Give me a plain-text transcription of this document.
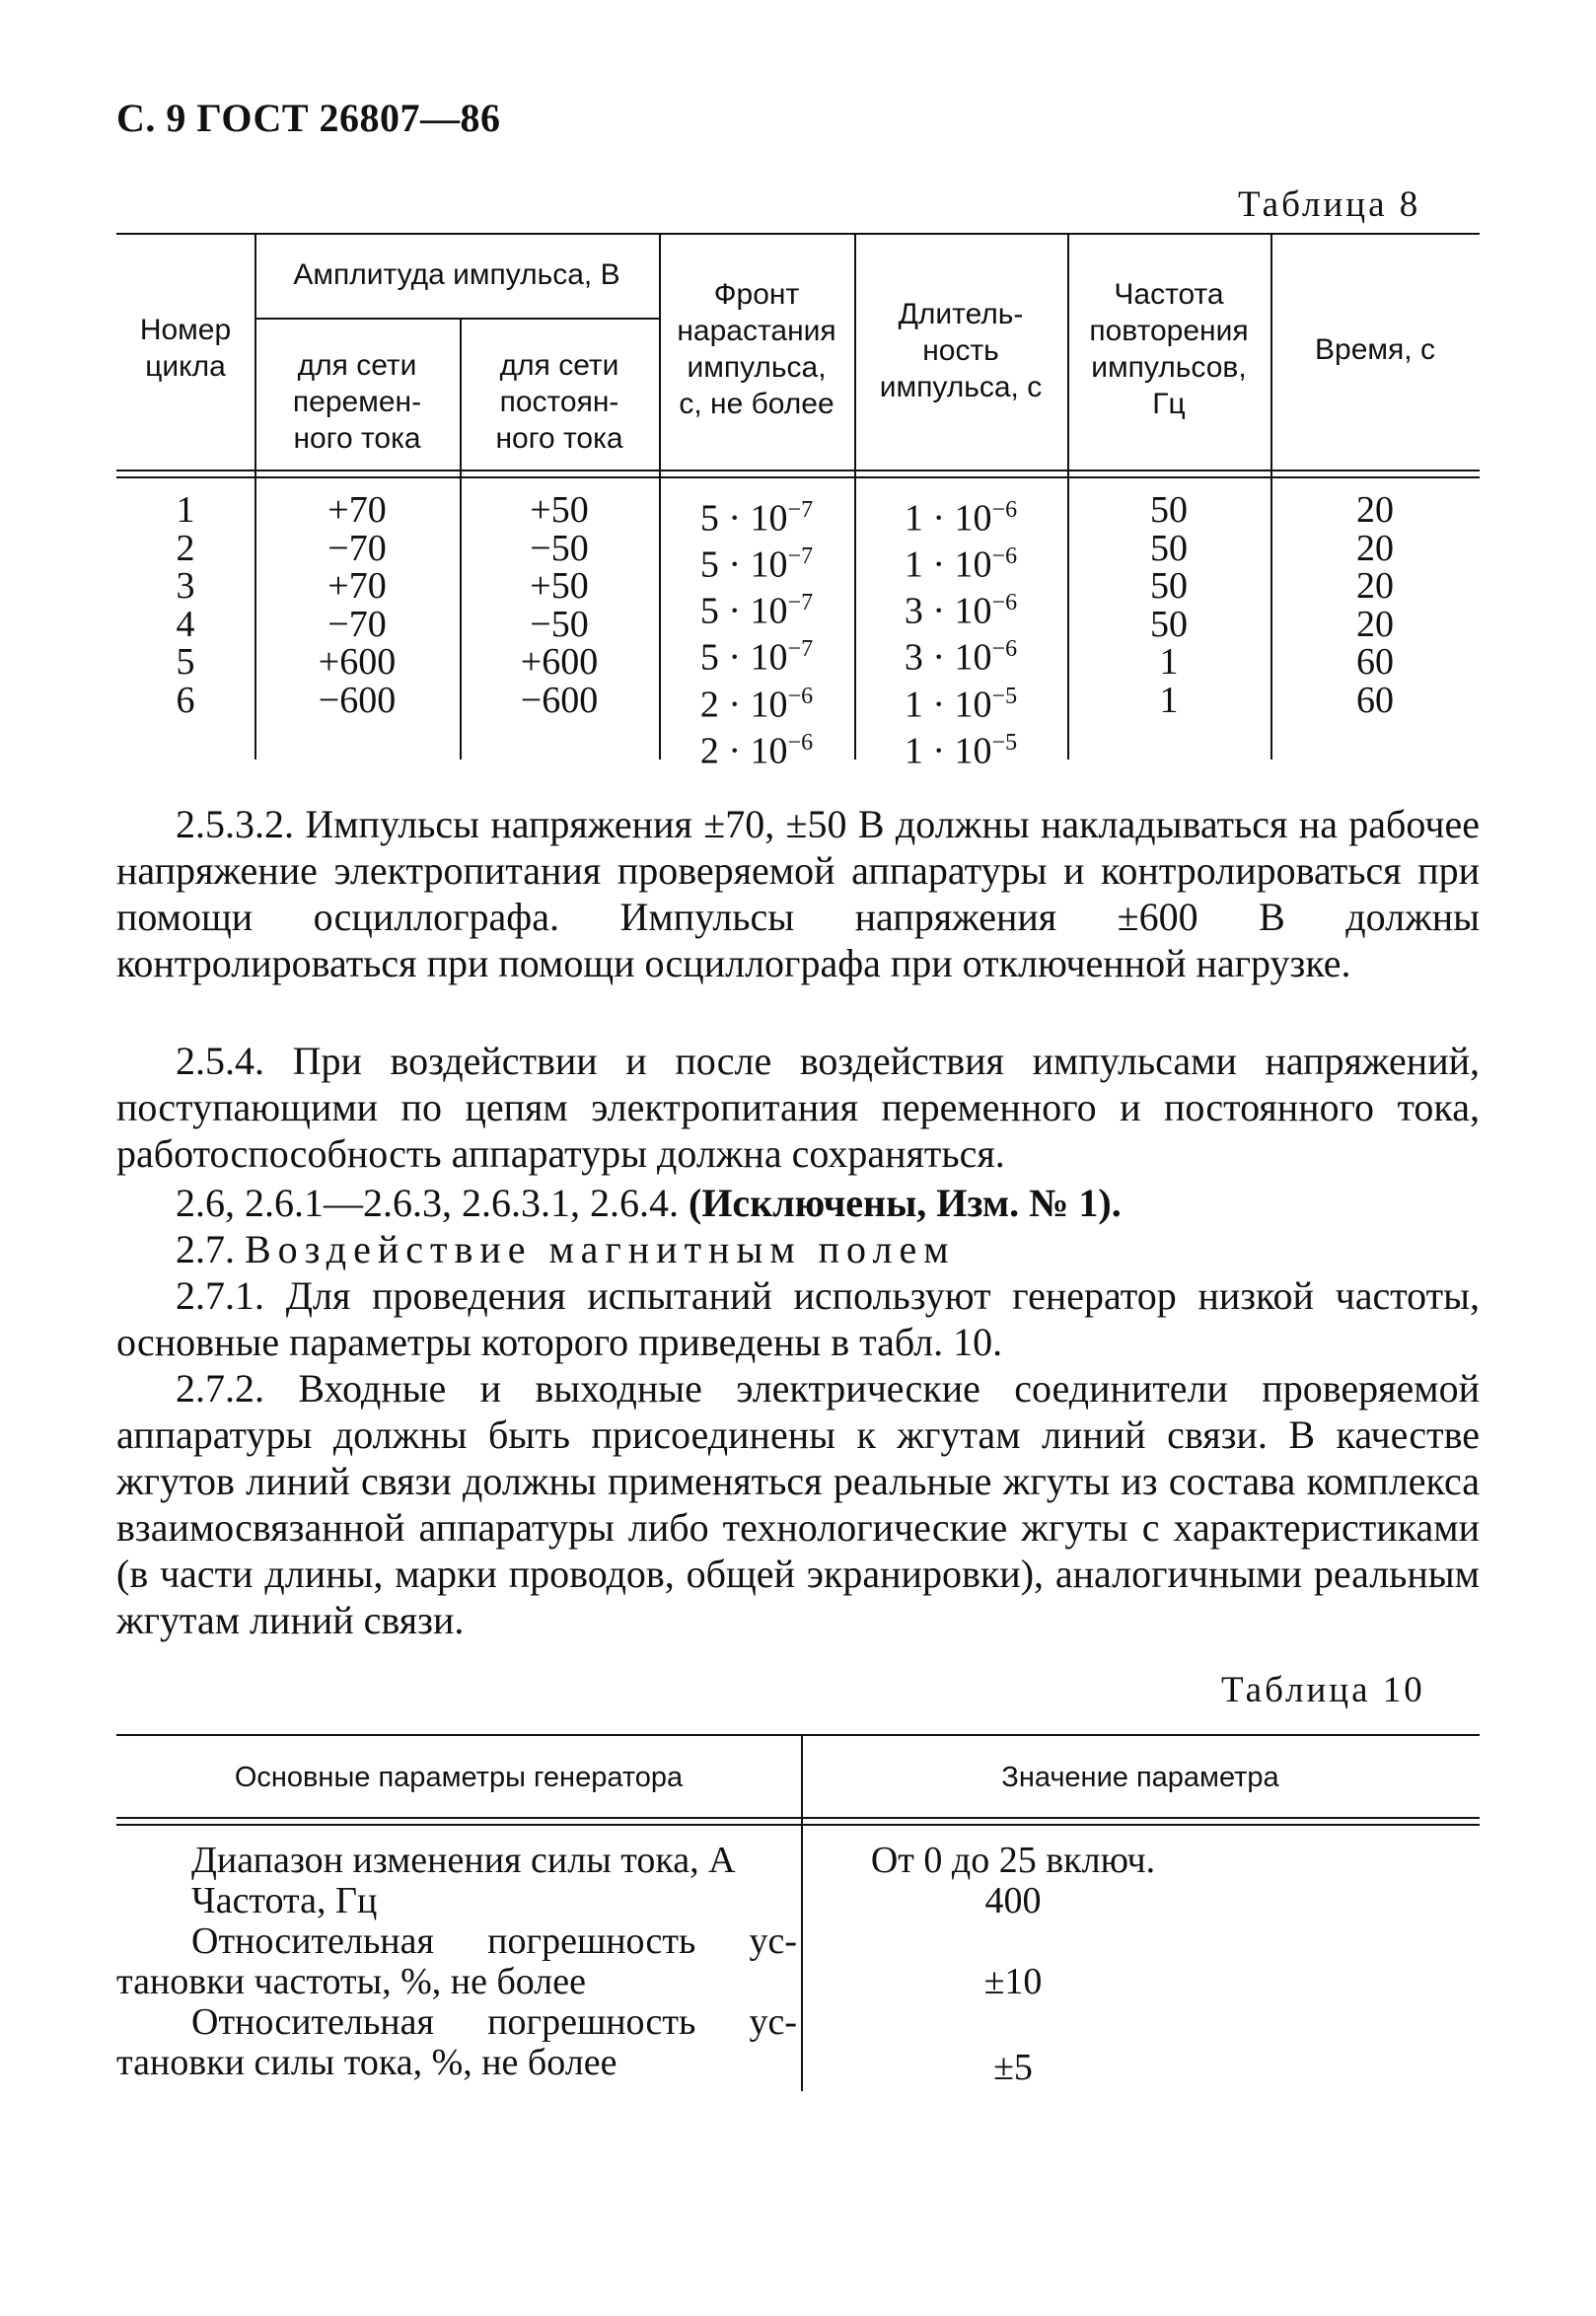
С. 9 ГОСТ 26807—86
Таблица 8
Номер
цикла
Амплитуда импульса, В
для сети
перемен-
ного тока
для сети
постоян-
ного тока
Фронт
нарастания
импульса,
с, не более
Длитель-
ность
импульса, с
Частота
повторения
импульсов,
Гц
Время, с
1
2
3
4
5
6
+70
−70
+70
−70
+600
−600
+50
−50
+50
−50
+600
−600
$5 \cdot 10^{-7}$
$5 \cdot 10^{-7}$
$5 \cdot 10^{-7}$
$5 \cdot 10^{-7}$
$2 \cdot 10^{-6}$
$2 \cdot 10^{-6}$
$1 \cdot 10^{-6}$
$1 \cdot 10^{-6}$
$3 \cdot 10^{-6}$
$3 \cdot 10^{-6}$
$1 \cdot 10^{-5}$
$1 \cdot 10^{-5}$
50
50
50
50
1
1
20
20
20
20
60
60
2.5.3.2. Импульсы напряжения ±70, ±50 В должны накладываться на рабочее напряжение электропитания проверяемой аппаратуры и контролироваться при помощи осциллографа. Импульсы напряжения ±600 В должны контролироваться при помощи осциллографа при отключенной нагрузке.
2.5.4. При воздействии и после воздействия импульсами напряжений, поступающими по цепям электропитания переменного и постоянного тока, работоспособность аппаратуры должна сохраняться.
2.6, 2.6.1—2.6.3, 2.6.3.1, 2.6.4. (Исключены, Изм. № 1).
2.7. Воздействие магнитным полем
2.7.1. Для проведения испытаний используют генератор низкой частоты, основные параметры которого приведены в табл. 10.
2.7.2. Входные и выходные электрические соединители проверяемой аппаратуры должны быть присоединены к жгутам линий связи. В качестве жгутов линий связи должны применяться реальные жгуты из состава комплекса взаимосвязанной аппаратуры либо технологические жгуты с характеристиками (в части длины, марки проводов, общей экранировки), аналогичными реальным жгутам линий связи.
Таблица 10
Основные параметры генератора	Значение параметра
Диапазон изменения силы тока, А
Частота, Гц
Относительная погрешность ус-
тановки частоты, %, не более
Относительная погрешность ус-
тановки силы тока, %, не более
От 0 до 25 включ.
400
±10
±5
